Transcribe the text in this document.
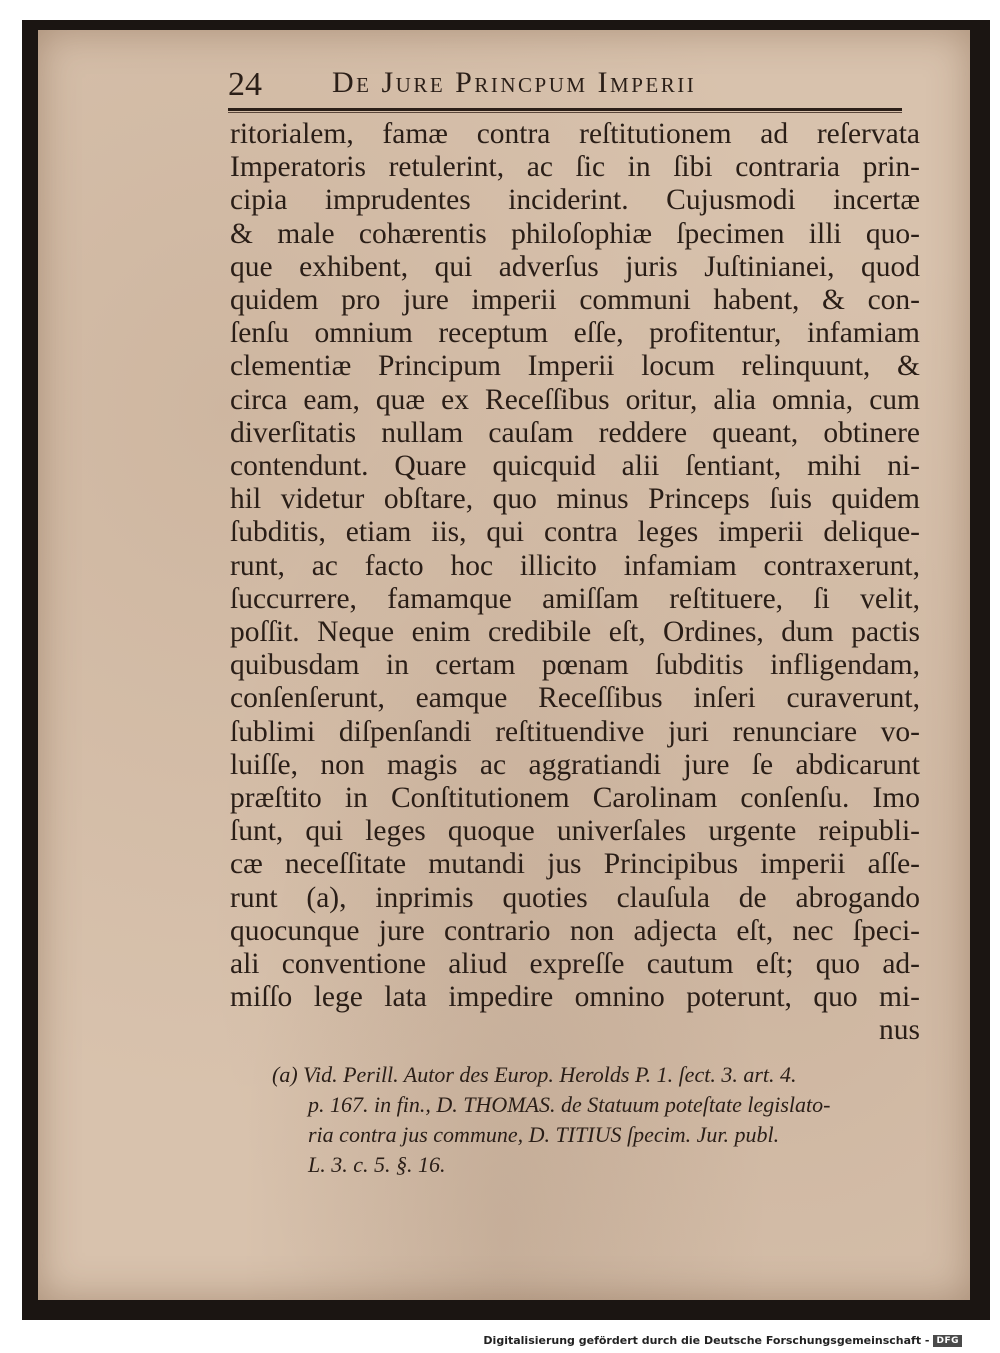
24 De Jure Princpum Imperii
ritorialem, famæ contra reſtitutionem ad reſervata
Imperatoris retulerint, ac ſic in ſibi contraria prin-
cipia imprudentes inciderint. Cujusmodi incertæ
& male cohærentis philoſophiæ ſpecimen illi quo-
que exhibent, qui adverſus juris Juſtinianei, quod
quidem pro jure imperii communi habent, & con-
ſenſu omnium receptum eſſe, profitentur, infamiam
clementiæ Principum Imperii locum relinquunt, &
circa eam, quæ ex Receſſibus oritur, alia omnia, cum
diverſitatis nullam cauſam reddere queant, obtinere
contendunt. Quare quicquid alii ſentiant, mihi ni-
hil videtur obſtare, quo minus Princeps ſuis quidem
ſubditis, etiam iis, qui contra leges imperii delique-
runt, ac facto hoc illicito infamiam contraxerunt,
ſuccurrere, famamque amiſſam reſtituere, ſi velit,
poſſit. Neque enim credibile eſt, Ordines, dum pactis
quibusdam in certam pœnam ſubditis infligendam,
conſenſerunt, eamque Receſſibus inſeri curaverunt,
ſublimi diſpenſandi reſtituendive juri renunciare vo-
luiſſe, non magis ac aggratiandi jure ſe abdicarunt
præſtito in Conſtitutionem Carolinam conſenſu. Imo
ſunt, qui leges quoque univerſales urgente reipubli-
cæ neceſſitate mutandi jus Principibus imperii aſſe-
runt (a), inprimis quoties clauſula de abrogando
quocunque jure contrario non adjecta eſt, nec ſpeci-
ali conventione aliud expreſſe cautum eſt; quo ad-
miſſo lege lata impedire omnino poterunt, quo mi-
nus
(a) Vid. Perill. Autor des Europ. Herolds P. 1. ſect. 3. art. 4.
p. 167. in fin., D. THOMAS. de Statuum poteſtate legislato-
ria contra jus commune, D. TITIUS ſpecim. Jur. publ.
L. 3. c. 5. §. 16.
Digitalisierung gefördert durch die Deutsche Forschungsgemeinschaft - DFG
